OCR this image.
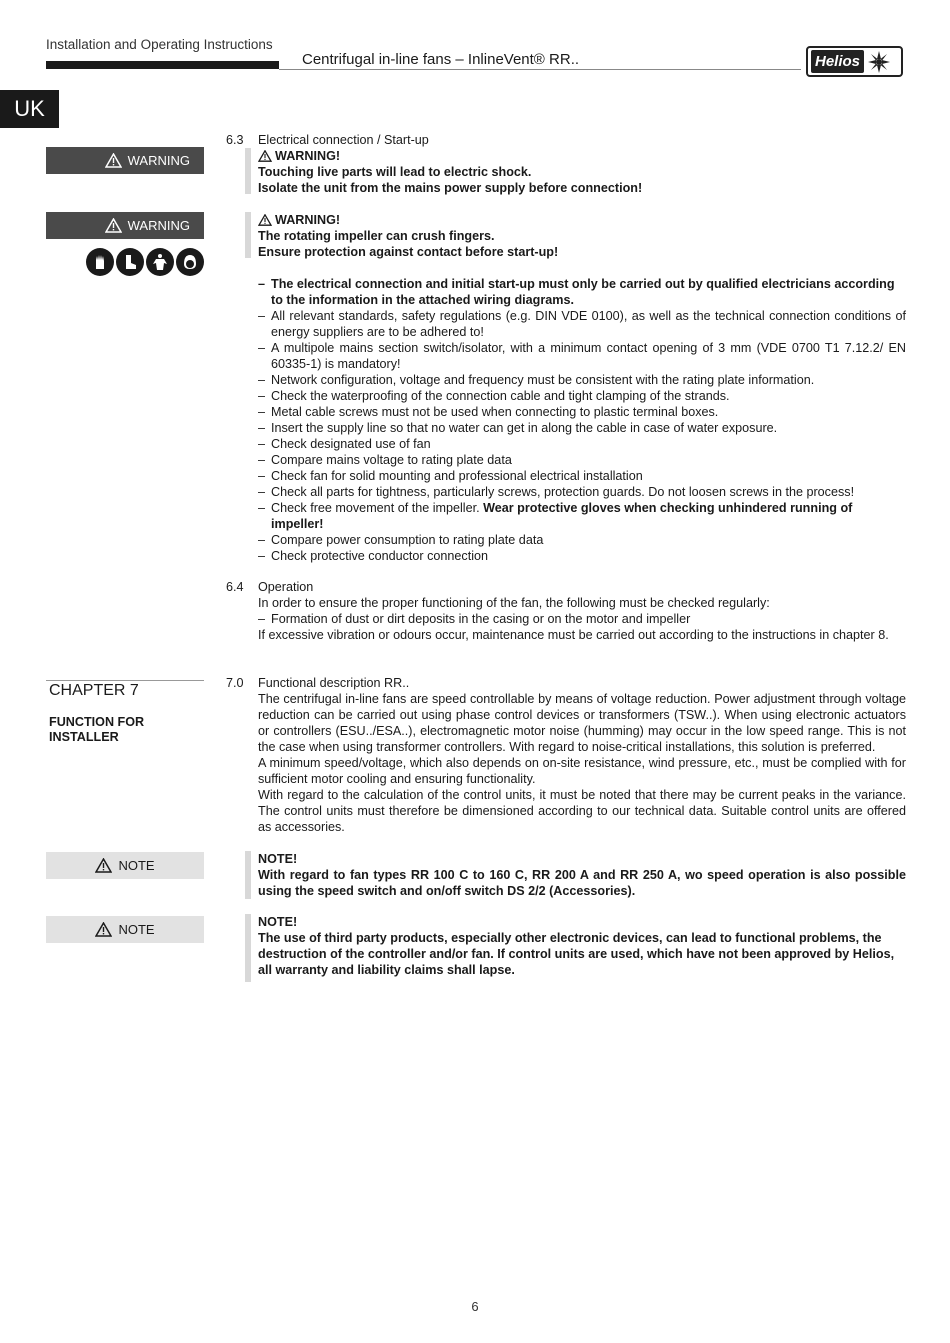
Installation and Operating Instructions
Centrifugal in-line fans – InlineVent® RR..	Helios
UK
WARNING
WARNING
6.3 Electrical connection / Start-up
WARNING!
Touching live parts will lead to electric shock.
Isolate the unit from the mains power supply before connection!
WARNING!
The rotating impeller can crush fingers.
Ensure protection against contact before start-up!
– The electrical connection and initial start-up must only be carried out by qualified electricians according to the information in the attached wiring diagrams.
– All relevant standards, safety regulations (e.g. DIN VDE 0100), as well as the technical connection conditions of energy suppliers are to be adhered to!
– A multipole mains section switch/isolator, with a minimum contact opening of 3 mm (VDE 0700 T1 7.12.2/ EN 60335-1) is mandatory!
– Network configuration, voltage and frequency must be consistent with the rating plate information.
– Check the waterproofing of the connection cable and tight clamping of the strands.
– Metal cable screws must not be used when connecting to plastic terminal boxes.
– Insert the supply line so that no water can get in along the cable in case of water exposure.
– Check designated use of fan
– Compare mains voltage to rating plate data
– Check fan for solid mounting and professional electrical installation
– Check all parts for tightness, particularly screws, protection guards. Do not loosen screws in the process!
– Check free movement of the impeller. Wear protective gloves when checking unhindered running of impeller!
– Compare power consumption to rating plate data
– Check protective conductor connection
6.4 Operation
In order to ensure the proper functioning of the fan, the following must be checked regularly:
– Formation of dust or dirt deposits in the casing or on the motor and impeller
If excessive vibration or odours occur, maintenance must be carried out according to the instructions in chapter 8.
CHAPTER 7
FUNCTION FOR INSTALLER
7.0 Functional description RR..
The centrifugal in-line fans are speed controllable by means of voltage reduction. Power adjustment through voltage reduction can be carried out using phase control devices or transformers (TSW..). When using electronic actuators or controllers (ESU../ESA..), electromagnetic motor noise (humming) may occur in the low speed range. This is not the case when using transformer controllers. With regard to noise-critical installations, this solution is preferred.
A minimum speed/voltage, which also depends on on-site resistance, wind pressure, etc., must be complied with for sufficient motor cooling and ensuring functionality.
With regard to the calculation of the control units, it must be noted that there may be current peaks in the variance. The control units must therefore be dimensioned according to our technical data. Suitable control units are offered as accessories.
NOTE	NOTE!
With regard to fan types RR 100 C to 160 C, RR 200 A and RR 250 A, wo speed operation is also possible using the speed switch and on/off switch DS 2/2 (Accessories).
NOTE	NOTE!
The use of third party products, especially other electronic devices, can lead to functional problems, the destruction of the controller and/or fan. If control units are used, which have not been approved by Helios, all warranty and liability claims shall lapse.
6
